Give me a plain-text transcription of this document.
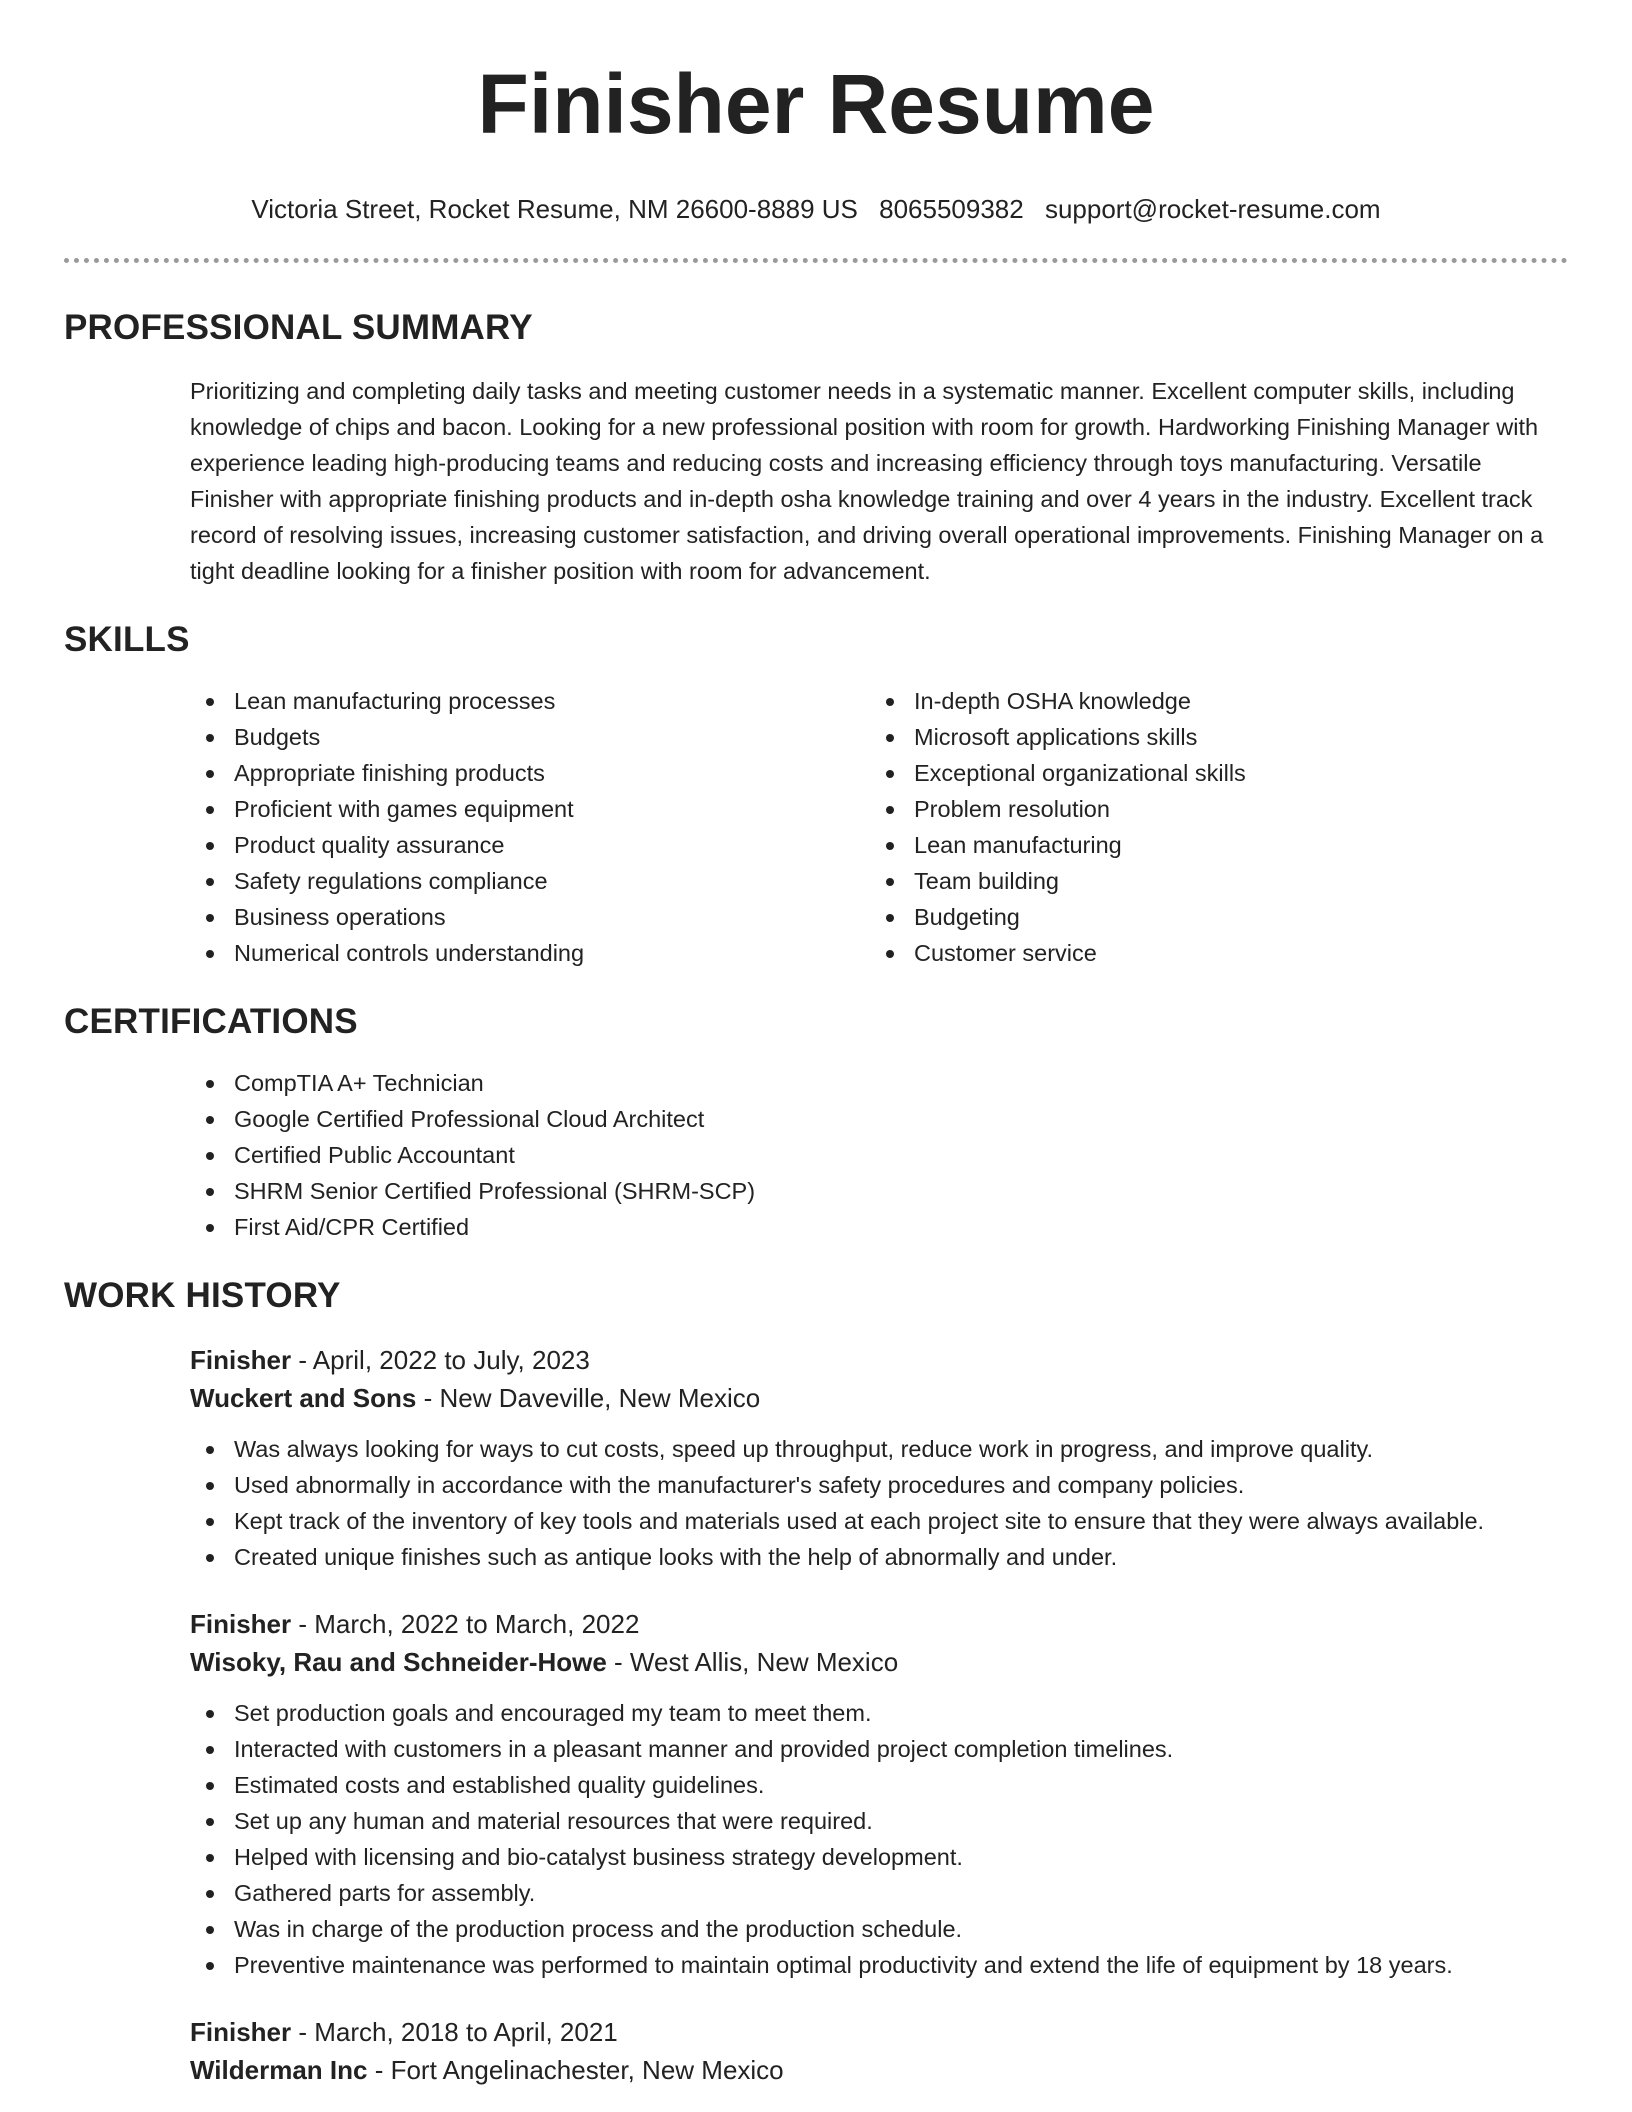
Finisher Resume
Victoria Street, Rocket Resume, NM 26600-8889 US 8065509382 support@rocket-resume.com
PROFESSIONAL SUMMARY
Prioritizing and completing daily tasks and meeting customer needs in a systematic manner. Excellent computer skills, including knowledge of chips and bacon. Looking for a new professional position with room for growth. Hardworking Finishing Manager with experience leading high-producing teams and reducing costs and increasing efficiency through toys manufacturing. Versatile Finisher with appropriate finishing products and in-depth osha knowledge training and over 4 years in the industry. Excellent track record of resolving issues, increasing customer satisfaction, and driving overall operational improvements. Finishing Manager on a tight deadline looking for a finisher position with room for advancement.
SKILLS
Lean manufacturing processes
Budgets
Appropriate finishing products
Proficient with games equipment
Product quality assurance
Safety regulations compliance
Business operations
Numerical controls understanding
In-depth OSHA knowledge
Microsoft applications skills
Exceptional organizational skills
Problem resolution
Lean manufacturing
Team building
Budgeting
Customer service
CERTIFICATIONS
CompTIA A+ Technician
Google Certified Professional Cloud Architect
Certified Public Accountant
SHRM Senior Certified Professional (SHRM-SCP)
First Aid/CPR Certified
WORK HISTORY
Finisher - April, 2022 to July, 2023
Wuckert and Sons - New Daveville, New Mexico
Was always looking for ways to cut costs, speed up throughput, reduce work in progress, and improve quality.
Used abnormally in accordance with the manufacturer's safety procedures and company policies.
Kept track of the inventory of key tools and materials used at each project site to ensure that they were always available.
Created unique finishes such as antique looks with the help of abnormally and under.
Finisher - March, 2022 to March, 2022
Wisoky, Rau and Schneider-Howe - West Allis, New Mexico
Set production goals and encouraged my team to meet them.
Interacted with customers in a pleasant manner and provided project completion timelines.
Estimated costs and established quality guidelines.
Set up any human and material resources that were required.
Helped with licensing and bio-catalyst business strategy development.
Gathered parts for assembly.
Was in charge of the production process and the production schedule.
Preventive maintenance was performed to maintain optimal productivity and extend the life of equipment by 18 years.
Finisher - March, 2018 to April, 2021
Wilderman Inc - Fort Angelinachester, New Mexico
